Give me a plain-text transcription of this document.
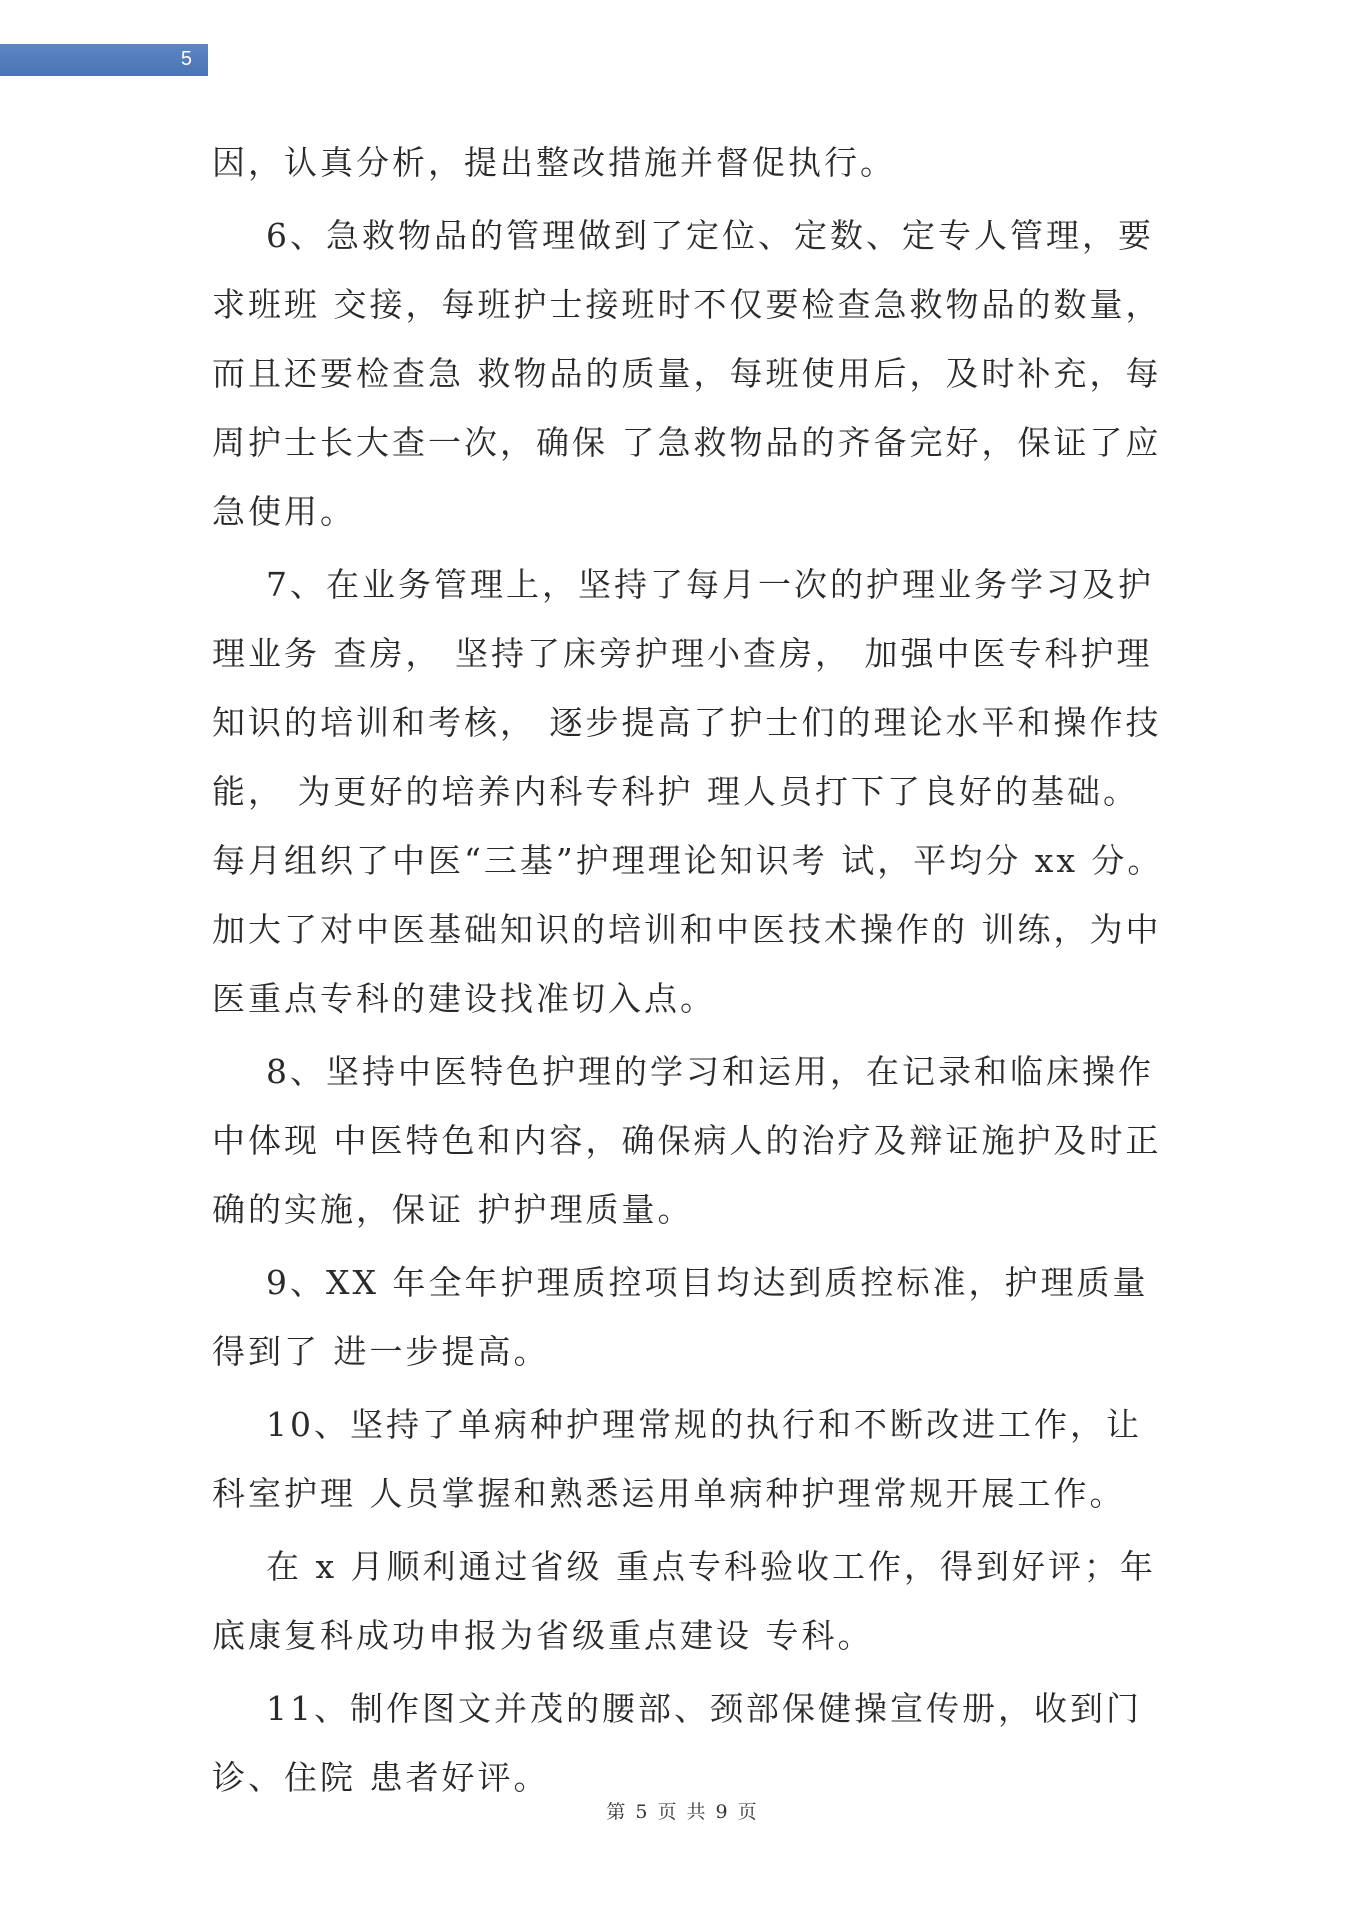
5

因，认真分析，提出整改措施并督促执行。

6、急救物品的管理做到了定位、定数、定专人管理，要求班班 交接，每班护士接班时不仅要检查急救物品的数量，而且还要检查急 救物品的质量，每班使用后，及时补充，每周护士长大查一次，确保 了急救物品的齐备完好，保证了应急使用。

7、在业务管理上，坚持了每月一次的护理业务学习及护理业务 查房， 坚持了床旁护理小查房， 加强中医专科护理知识的培训和考核， 逐步提高了护士们的理论水平和操作技能， 为更好的培养内科专科护 理人员打下了良好的基础。每月组织了中医“三基”护理理论知识考 试，平均分 xx 分。加大了对中医基础知识的培训和中医技术操作的 训练，为中医重点专科的建设找准切入点。

8、坚持中医特色护理的学习和运用，在记录和临床操作中体现 中医特色和内容，确保病人的治疗及辩证施护及时正确的实施，保证 护护理质量。

9、XX 年全年护理质控项目均达到质控标准，护理质量得到了 进一步提高。

10、坚持了单病种护理常规的执行和不断改进工作，让科室护理 人员掌握和熟悉运用单病种护理常规开展工作。

在 x 月顺利通过省级 重点专科验收工作，得到好评；年底康复科成功申报为省级重点建设 专科。

11、制作图文并茂的腰部、颈部保健操宣传册，收到门诊、住院 患者好评。

第 5 页 共 9 页
